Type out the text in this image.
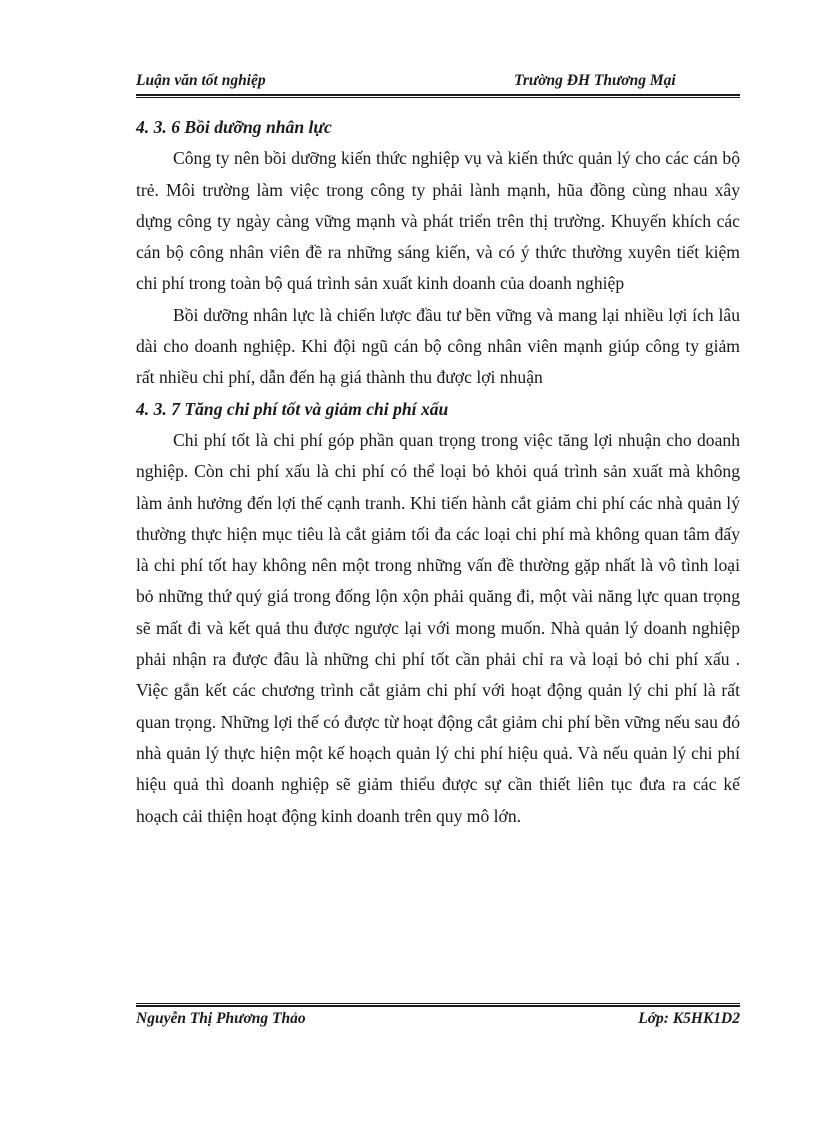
Luận văn tốt nghiệp	Trường ĐH Thương Mại

4. 3. 6 Bồi dưỡng nhân lực

Công ty nên bồi dưỡng kiến thức nghiệp vụ và kiến thức quản lý cho các cán bộ trẻ. Môi trường làm việc trong công ty phải lành mạnh, hũa đồng cùng nhau xây dựng công ty ngày càng vững mạnh và phát triển trên thị trường. Khuyến khích các cán bộ công nhân viên đề ra những sáng kiến, và có ý thức thường xuyên tiết kiệm chi phí trong toàn bộ quá trình sản xuất kinh doanh của doanh nghiệp

Bồi dưỡng nhân lực là chiến lược đầu tư bền vững và mang lại nhiều lợi ích lâu dài cho doanh nghiệp. Khi đội ngũ cán bộ công nhân viên mạnh giúp công ty giảm rất nhiều chi phí, dẫn đến hạ giá thành thu được lợi nhuận

4. 3. 7 Tăng chi phí tốt và giảm chi phí xấu

Chi phí tốt là chi phí góp phần quan trọng trong việc tăng lợi nhuận cho doanh nghiệp. Còn chi phí xấu là chi phí có thể loại bỏ khỏi quá trình sản xuất mà không làm ảnh hưởng đến lợi thế cạnh tranh. Khi tiến hành cắt giảm chi phí các nhà quản lý thường thực hiện mục tiêu là cắt giảm tối đa các loại chi phí mà không quan tâm đấy là chi phí tốt hay không nên một trong những vấn đề thường gặp nhất là vô tình loại bỏ những thứ quý giá trong đống lộn xộn phải quăng đi, một vài năng lực quan trọng sẽ mất đi và kết quả thu được ngược lại với mong muốn. Nhà quản lý doanh nghiệp phải nhận ra được đâu là những chi phí tốt cần phải chỉ ra và loại bỏ chi phí xấu . Việc gắn kết các chương trình cắt giảm chi phí với hoạt động quản lý chi phí là rất quan trọng. Những lợi thế có được từ hoạt động cắt giảm chi phí bền vững nếu sau đó nhà quản lý thực hiện một kế hoạch quản lý chi phí hiệu quả. Và nếu quản lý chi phí hiệu quả thì doanh nghiệp sẽ giảm thiểu được sự cần thiết liên tục đưa ra các kế hoạch cải thiện hoạt động kinh doanh trên quy mô lớn.

Nguyễn Thị Phương Thảo	Lớp: K5HK1D2
